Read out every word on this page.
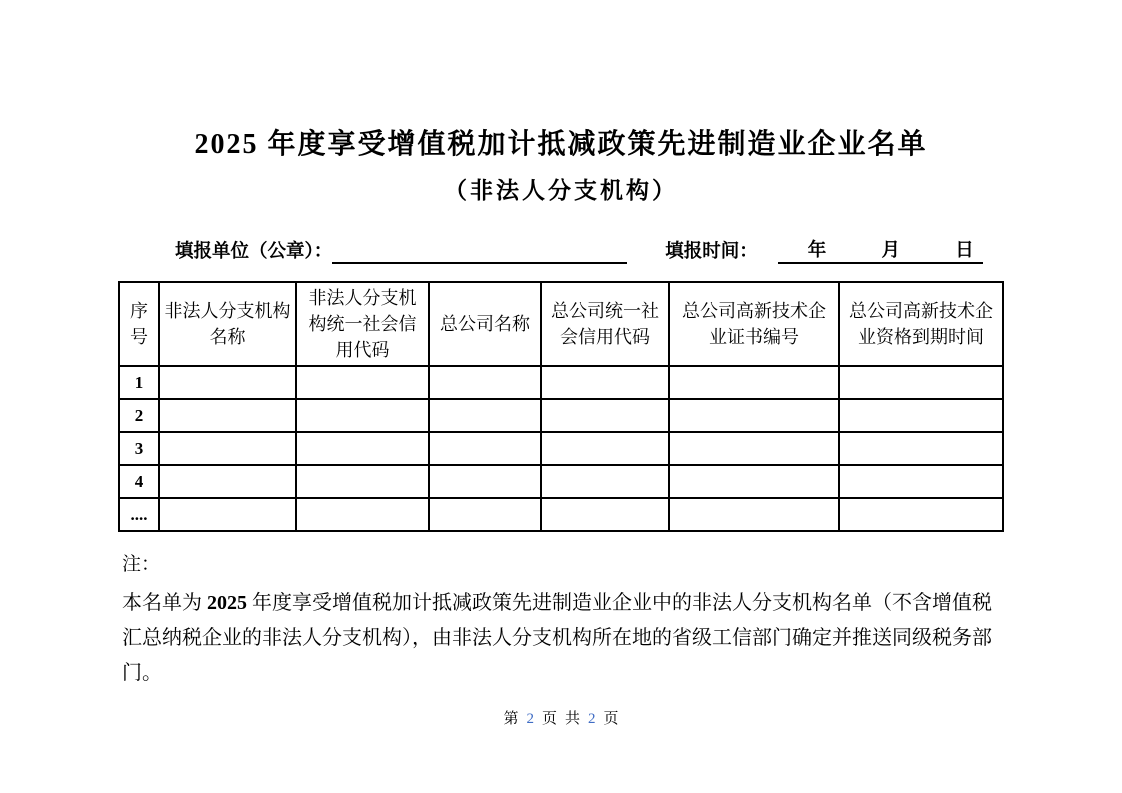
2025 年度享受增值税加计抵减政策先进制造业企业名单
（非法人分支机构）
填报单位（公章）：	填报时间：	年	月	日
序号	非法人分支机构名称	非法人分支机构统一社会信用代码	总公司名称	总公司统一社会信用代码	总公司高新技术企业证书编号	总公司高新技术企业资格到期时间
1						
2						
3						
4						
....						
注：
本名单为 2025 年度享受增值税加计抵减政策先进制造业企业中的非法人分支机构名单（不含增值税汇总纳税企业的非法人分支机构），由非法人分支机构所在地的省级工信部门确定并推送同级税务部门。
第 2 页 共 2 页
